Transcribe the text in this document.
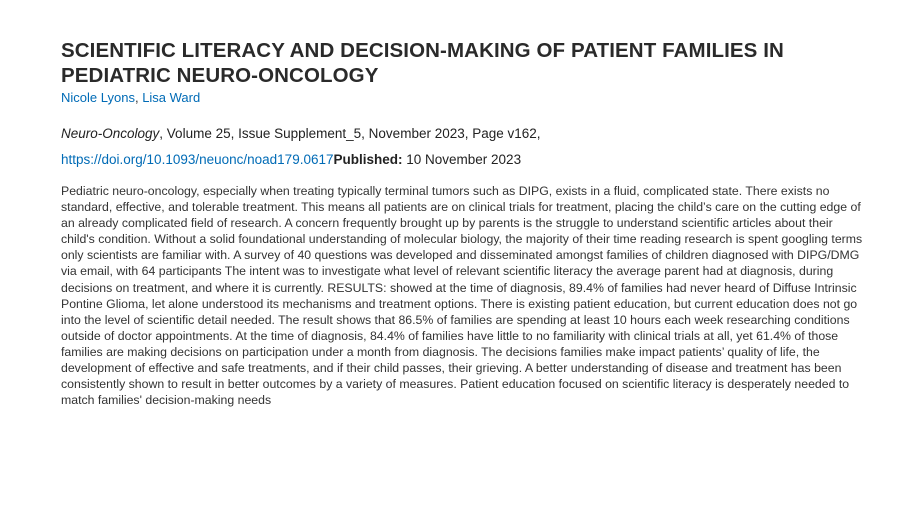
SCIENTIFIC LITERACY AND DECISION-MAKING OF PATIENT FAMILIES IN PEDIATRIC NEURO-ONCOLOGY
Nicole Lyons, Lisa Ward
Neuro-Oncology, Volume 25, Issue Supplement_5, November 2023, Page v162,
https://doi.org/10.1093/neuonc/noad179.0617Published: 10 November 2023

Pediatric neuro-oncology, especially when treating typically terminal tumors such as DIPG, exists in a fluid, complicated state. There exists no standard, effective, and tolerable treatment. This means all patients are on clinical trials for treatment, placing the child’s care on the cutting edge of an already complicated field of research. A concern frequently brought up by parents is the struggle to understand scientific articles about their child's condition. Without a solid foundational understanding of molecular biology, the majority of their time reading research is spent googling terms only scientists are familiar with. A survey of 40 questions was developed and disseminated amongst families of children diagnosed with DIPG/DMG via email, with 64 participants The intent was to investigate what level of relevant scientific literacy the average parent had at diagnosis, during decisions on treatment, and where it is currently. RESULTS: showed at the time of diagnosis, 89.4% of families had never heard of Diffuse Intrinsic Pontine Glioma, let alone understood its mechanisms and treatment options. There is existing patient education, but current education does not go into the level of scientific detail needed. The result shows that 86.5% of families are spending at least 10 hours each week researching conditions outside of doctor appointments. At the time of diagnosis, 84.4% of families have little to no familiarity with clinical trials at all, yet 61.4% of those families are making decisions on participation under a month from diagnosis. The decisions families make impact patients’ quality of life, the development of effective and safe treatments, and if their child passes, their grieving. A better understanding of disease and treatment has been consistently shown to result in better outcomes by a variety of measures. Patient education focused on scientific literacy is desperately needed to match families' decision-making needs
